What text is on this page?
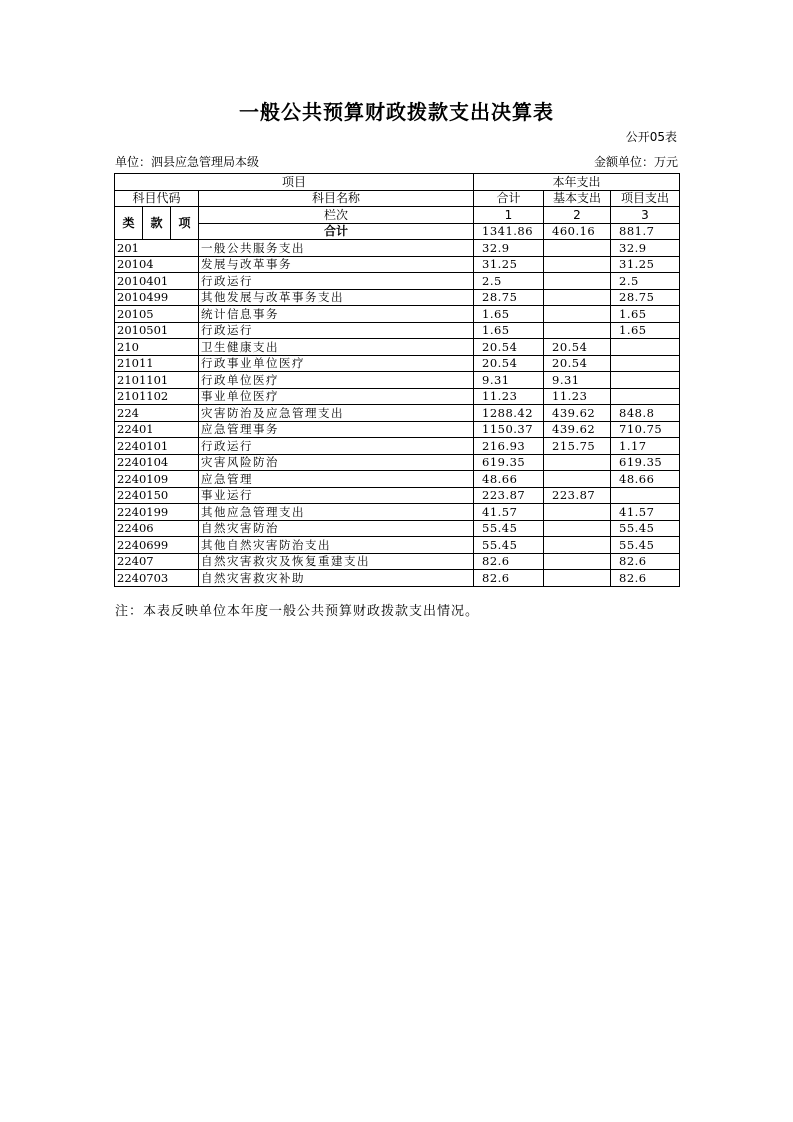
一般公共预算财政拨款支出决算表
公开05表
单位：泗县应急管理局本级	金额单位：万元
项目				本年支出		
科目代码			科目名称	合计	基本支出	项目支出
类	款	项	栏次	1	2	3
			合计	1341.86	460.16	881.7
201			一般公共服务支出	32.9		32.9
20104			发展与改革事务	31.25		31.25
2010401			行政运行	2.5		2.5
2010499			其他发展与改革事务支出	28.75		28.75
20105			统计信息事务	1.65		1.65
2010501			行政运行	1.65		1.65
210			卫生健康支出	20.54	20.54	
21011			行政事业单位医疗	20.54	20.54	
2101101			行政单位医疗	9.31	9.31	
2101102			事业单位医疗	11.23	11.23	
224			灾害防治及应急管理支出	1288.42	439.62	848.8
22401			应急管理事务	1150.37	439.62	710.75
2240101			行政运行	216.93	215.75	1.17
2240104			灾害风险防治	619.35		619.35
2240109			应急管理	48.66		48.66
2240150			事业运行	223.87	223.87	
2240199			其他应急管理支出	41.57		41.57
22406			自然灾害防治	55.45		55.45
2240699			其他自然灾害防治支出	55.45		55.45
22407			自然灾害救灾及恢复重建支出	82.6		82.6
2240703			自然灾害救灾补助	82.6		82.6
注：本表反映单位本年度一般公共预算财政拨款支出情况。
